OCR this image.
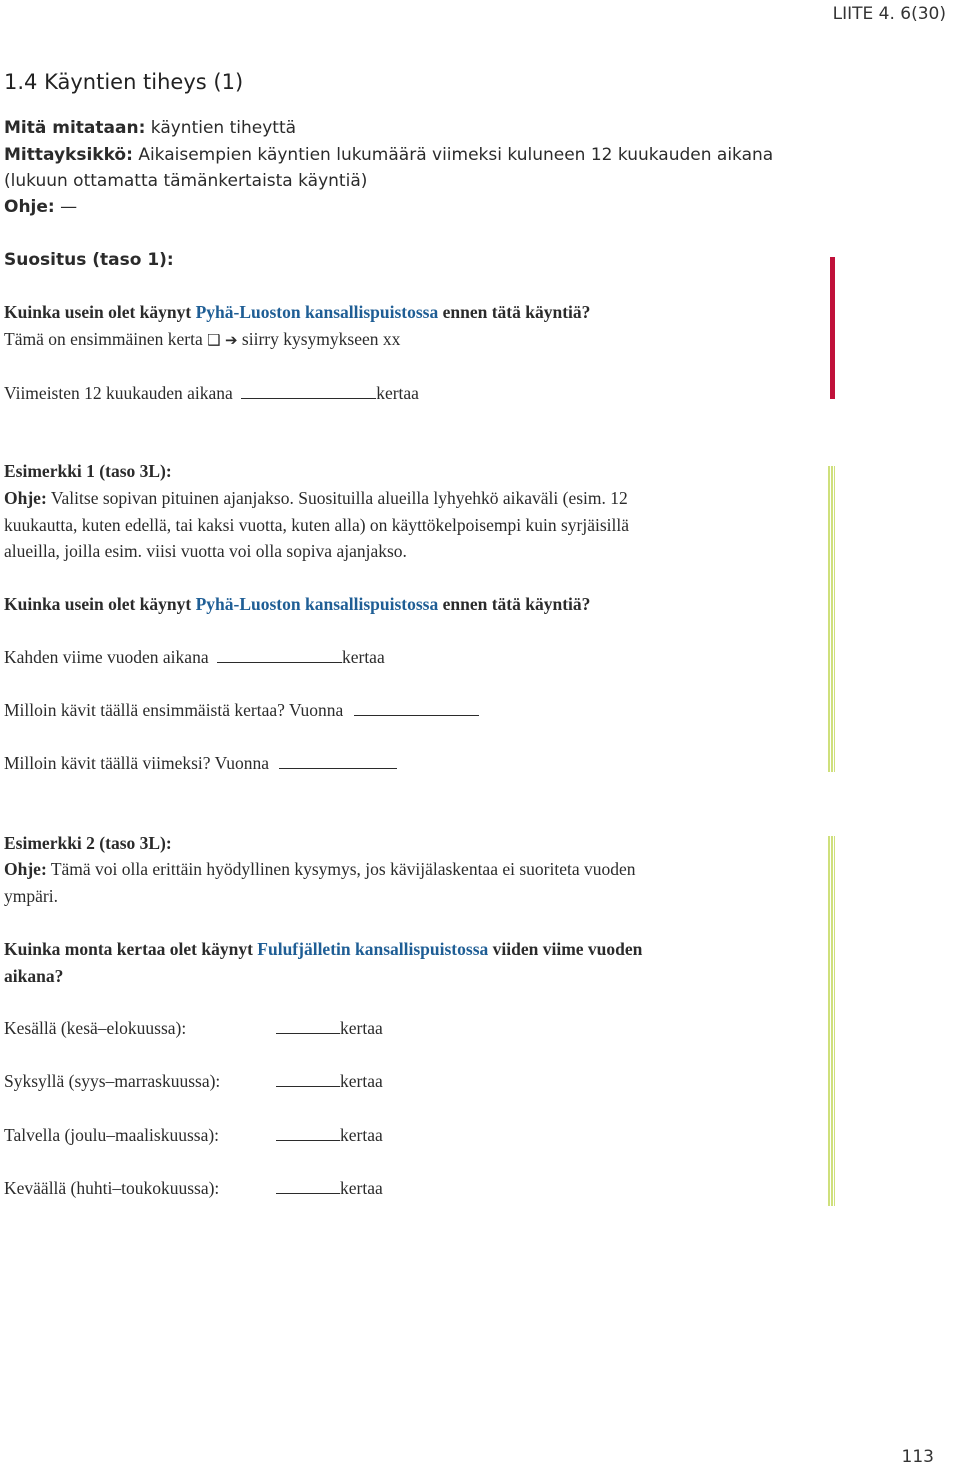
LIITE 4. 6(30)
1.4 Käyntien tiheys (1)
Mitä mitataan: käyntien tiheyttä
Mittayksikkö: Aikaisempien käyntien lukumäärä viimeksi kuluneen 12 kuukauden aikana
(lukuun ottamatta tämänkertaista käyntiä)
Ohje: —
Suositus (taso 1):
Kuinka usein olet käynyt Pyhä-Luoston kansallispuistossa ennen tätä käyntiä?
Tämä on ensimmäinen kerta ❑ ➔ siirry kysymykseen xx
Viimeisten 12 kuukauden aikana	kertaa
Esimerkki 1 (taso 3L):
Ohje: Valitse sopivan pituinen ajanjakso. Suosituilla alueilla lyhyehkö aikaväli (esim. 12
kuukautta, kuten edellä, tai kaksi vuotta, kuten alla) on käyttökelpoisempi kuin syrjäisillä
alueilla, joilla esim. viisi vuotta voi olla sopiva ajanjakso.
Kuinka usein olet käynyt Pyhä-Luoston kansallispuistossa ennen tätä käyntiä?
Kahden viime vuoden aikana	kertaa
Milloin kävit täällä ensimmäistä kertaa? Vuonna
Milloin kävit täällä viimeksi? Vuonna
Esimerkki 2 (taso 3L):
Ohje: Tämä voi olla erittäin hyödyllinen kysymys, jos kävijälaskentaa ei suoriteta vuoden
ympäri.
Kuinka monta kertaa olet käynyt Fulufjälletin kansallispuistossa viiden viime vuoden
aikana?
Kesällä (kesä–elokuussa):	kertaa
Syksyllä (syys–marraskuussa):	kertaa
Talvella (joulu–maaliskuussa):	kertaa
Keväällä (huhti–toukokuussa):	kertaa
113
